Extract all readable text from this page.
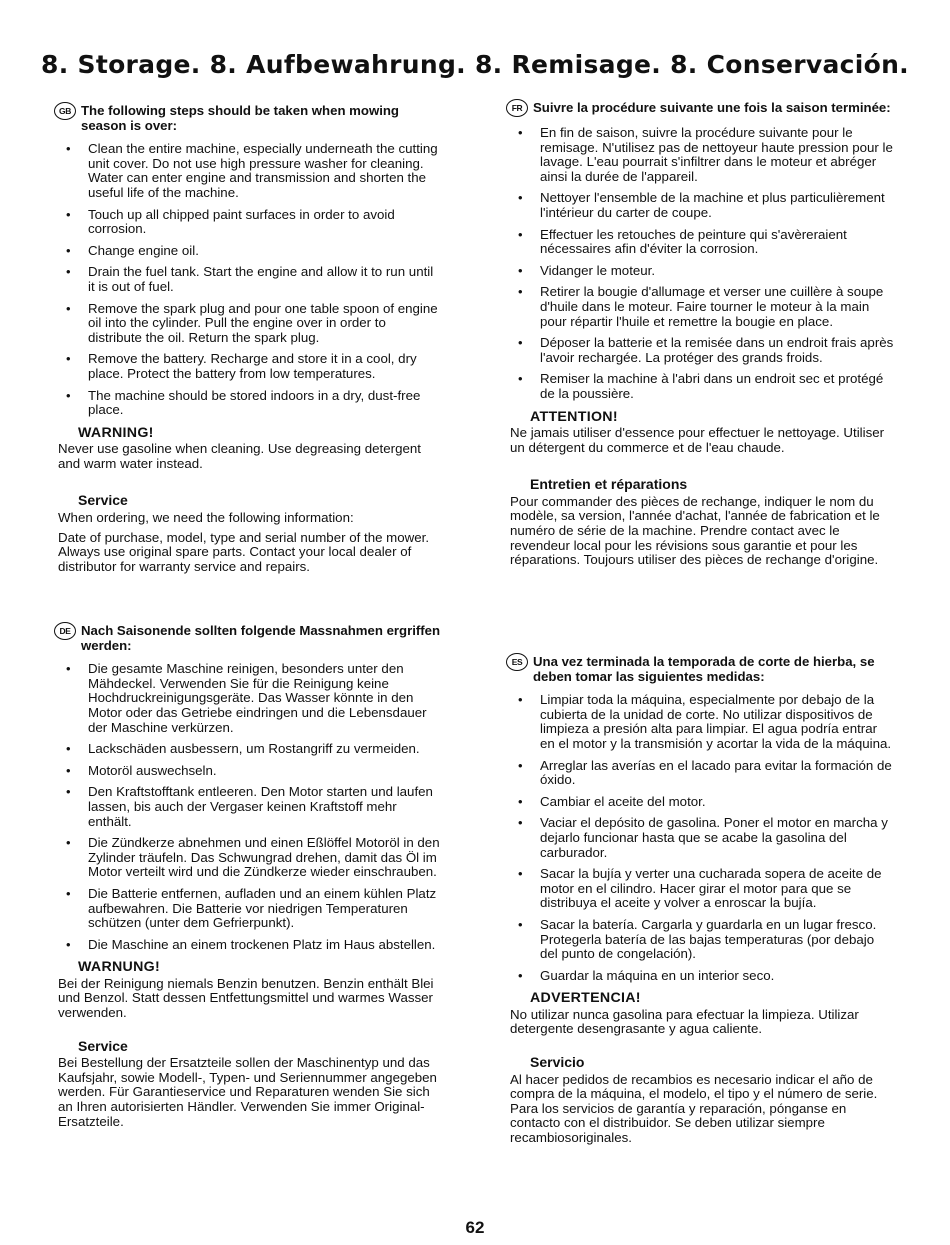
8. Storage. 8. Aufbewahrung. 8. Remisage. 8. Conservación.
GB The following steps should be taken when mowing season is over:
• Clean the entire machine, especially underneath the cutting unit cover. Do not use high pressure washer for cleaning. Water can enter engine and transmission and shorten the useful life of the machine.
• Touch up all chipped paint surfaces in order to avoid corrosion.
• Change engine oil.
• Drain the fuel tank. Start the engine and allow it to run until it is out of fuel.
• Remove the spark plug and pour one table spoon of engine oil into the cylinder. Pull the engine over in order to distribute the oil. Return the spark plug.
• Remove the battery. Recharge and store it in a cool, dry place. Protect the battery from low temperatures.
• The machine should be stored indoors in a dry, dust-free place.
WARNING!
Never use gasoline when cleaning. Use degreasing detergent and warm water instead.
Service
When ordering, we need the following information:
Date of purchase, model, type and serial number of the mower. Always use original spare parts. Contact your local dealer of distributor for warranty service and repairs.
DE Nach Saisonende sollten folgende Massnahmen ergriffen werden:
• Die gesamte Maschine reinigen, besonders unter den Mähdeckel. Verwenden Sie für die Reinigung keine Hochdruckreinigungsgeräte. Das Wasser könnte in den Motor oder das Getriebe eindringen und die Lebensdauer der Maschine verkürzen.
• Lackschäden ausbessern, um Rostangriff zu vermeiden.
• Motoröl auswechseln.
• Den Kraftstofftank entleeren. Den Motor starten und laufen lassen, bis auch der Vergaser keinen Kraftstoff mehr enthält.
• Die Zündkerze abnehmen und einen Eßlöffel Motoröl in den Zylinder träufeln. Das Schwungrad drehen, damit das Öl im Motor verteilt wird und die Zündkerze wieder einschrauben.
• Die Batterie entfernen, aufladen und an einem kühlen Platz aufbewahren. Die Batterie vor niedrigen Temperaturen schützen (unter dem Gefrierpunkt).
• Die Maschine an einem trockenen Platz im Haus abstellen.
WARNUNG!
Bei der Reinigung niemals Benzin benutzen. Benzin enthält Blei und Benzol. Statt dessen Entfettungsmittel und warmes Wasser verwenden.
Service
Bei Bestellung der Ersatzteile sollen der Maschinentyp und das Kaufsjahr, sowie Modell-, Typen- und Seriennummer angegeben werden. Für Garantieservice und Reparaturen wenden Sie sich an Ihren autorisierten Händler. Verwenden Sie immer Original-Ersatzteile.
FR Suivre la procédure suivante une fois la saison terminée:
• En fin de saison, suivre la procédure suivante pour le remisage. N'utilisez pas de nettoyeur haute pression pour le lavage. L'eau pourrait s'infiltrer dans le moteur et abréger ainsi la durée de l'appareil.
• Nettoyer l'ensemble de la machine et plus particulièrement l'intérieur du carter de coupe.
• Effectuer les retouches de peinture qui s'avèreraient nécessaires afin d'éviter la corrosion.
• Vidanger le moteur.
• Retirer la bougie d'allumage et verser une cuillère à soupe d'huile dans le moteur. Faire tourner le moteur à la main pour répartir l'huile et remettre la bougie en place.
• Déposer la batterie et la remisée dans un endroit frais après l'avoir rechargée. La protéger des grands froids.
• Remiser la machine à l'abri dans un endroit sec et protégé de la poussière.
ATTENTION!
Ne jamais utiliser d'essence pour effectuer le nettoyage. Utiliser un détergent du commerce et de l'eau chaude.
Entretien et réparations
Pour commander des pièces de rechange, indiquer le nom du modèle, sa version, l'année d'achat, l'année de fabrication et le numéro de série de la machine. Prendre contact avec le revendeur local pour les révisions sous garantie et pour les réparations. Toujours utiliser des pièces de rechange d'origine.
ES Una vez terminada la temporada de corte de hierba, se deben tomar las siguientes medidas:
• Limpiar toda la máquina, especialmente por debajo de la cubierta de la unidad de corte. No utilizar dispositivos de limpieza a presión alta para limpiar. El agua podría entrar en el motor y la transmisión y acortar la vida de la máquina.
• Arreglar las averías en el lacado para evitar la formación de óxido.
• Cambiar el aceite del motor.
• Vaciar el depósito de gasolina. Poner el motor en marcha y dejarlo funcionar hasta que se acabe la gasolina del carburador.
• Sacar la bujía y verter una cucharada sopera de aceite de motor en el cilindro. Hacer girar el motor para que se distribuya el aceite y volver a enroscar la bujía.
• Sacar la batería. Cargarla y guardarla en un lugar fresco. Protegerla batería de las bajas temperaturas (por debajo del punto de congelación).
• Guardar la máquina en un interior seco.
ADVERTENCIA!
No utilizar nunca gasolina para efectuar la limpieza. Utilizar detergente desengrasante y agua caliente.
Servicio
Al hacer pedidos de recambios es necesario indicar el año de compra de la máquina, el modelo, el tipo y el número de serie. Para los servicios de garantía y reparación, pónganse en contacto con el distribuidor. Se deben utilizar siempre recambiosoriginales.
62
